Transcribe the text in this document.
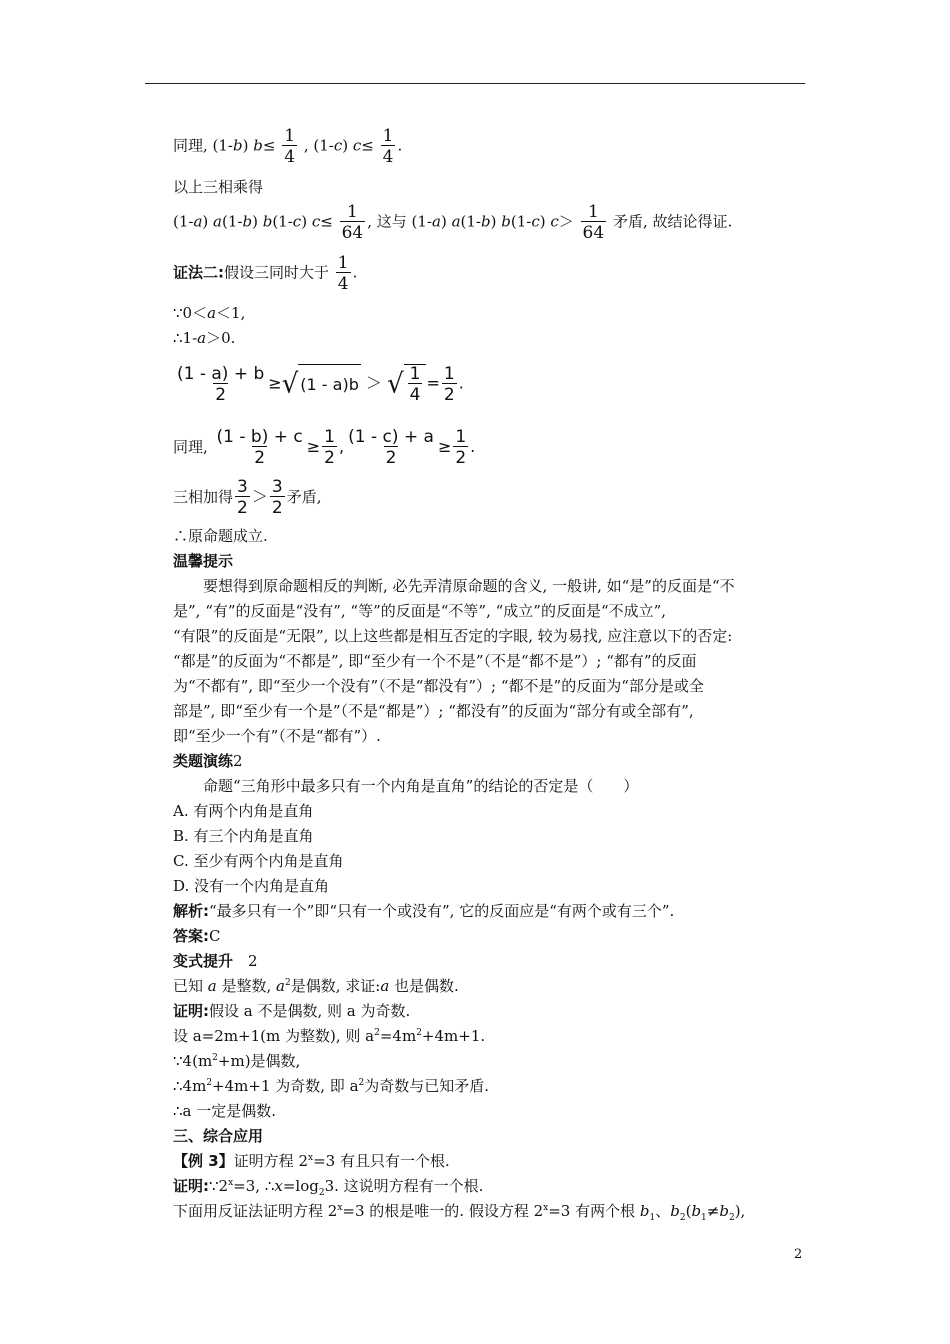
同理, (1-b) $b\le \frac{1}{4}$ , (1-c) $c\le \frac{1}{4}$ .
以上三相乘得
(1-a) a(1-b) b(1-c) $c\le \frac{1}{64}$ , 这与 (1-a) a(1-b) b(1-c) $c> \frac{1}{64}$ 矛盾, 故结论得证.
证法二:假设三同时大于 $\frac{1}{4}$ .
∵0＜a＜1,
∴1-a＞0.
$\frac{(1 - a) + b}{2}$ ≥ √ (1 - a)b ＞ √ $\frac{1}{4} = \frac{1}{2}$ .
同理, $\frac{(1 - b) + c}{2} \ge \frac{1}{2}$ , $\frac{(1 - c) + a}{2} \ge \frac{1}{2}$ .
三相加得 $\frac{3}{2} > \frac{3}{2}$ 矛盾,
∴原命题成立.
温馨提示
　　要想得到原命题相反的判断, 必先弄清原命题的含义, 一般讲, 如“是”的反面是“不
是”, “有”的反面是“没有”, “等”的反面是“不等”, “成立”的反面是“不成立”,
“有限”的反面是“无限”, 以上这些都是相互否定的字眼, 较为易找, 应注意以下的否定:
“都是”的反面为“不都是”, 即“至少有一个不是”（不是“都不是”）; “都有”的反面
为“不都有”, 即“至少一个没有”（不是“都没有”）; “都不是”的反面为“部分是或全
部是”, 即“至少有一个是”（不是“都是”）; “都没有”的反面为“部分有或全部有”,
即“至少一个有”（不是“都有”）.
类题演练2
　　命题“三角形中最多只有一个内角是直角”的结论的否定是（　　）
A. 有两个内角是直角
B. 有三个内角是直角
C. 至少有两个内角是直角
D. 没有一个内角是直角
解析:“最多只有一个”即“只有一个或没有”, 它的反面应是“有两个或有三个”.
答案:C
变式提升　2
已知 a 是整数, $a^2$是偶数, 求证:a 也是偶数.
证明:假设 a 不是偶数, 则 a 为奇数.
设 a=2m+1(m 为整数), 则 $a^2=4m^2+4m+1$.
$\because 4(m^2+m)$是偶数,
$\therefore 4m^2+4m+1$ 为奇数, 即 $a^2$为奇数与已知矛盾.
∴a 一定是偶数.
三、综合应用
【例 3】证明方程 $2^x=3$ 有且只有一个根.
证明$:\because 2^x=3$, $\therefore x=\log_23$. 这说明方程有一个根.
下面用反证法证明方程 $2^x=3$ 的根是唯一的. 假设方程 $2^x=3$ 有两个根 $b_1$、$b_2(b_1\ne b_2)$,
2
